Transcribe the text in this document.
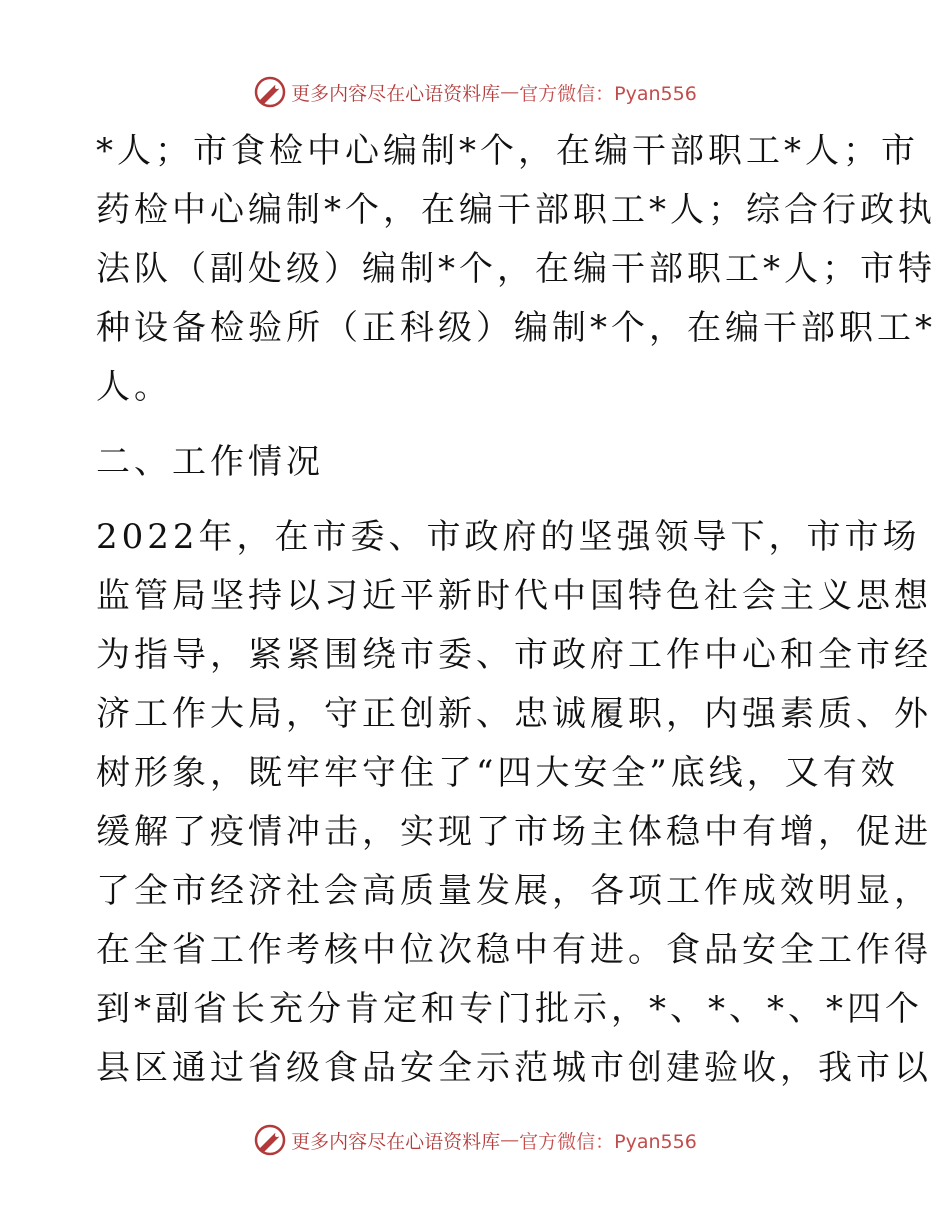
更多内容尽在心语资料库 — 官方微信：Pyan556
*人；市食检中心编制*个，在编干部职工*人；市
药检中心编制*个，在编干部职工*人；综合行政执
法队（副处级）编制*个，在编干部职工*人；市特
种设备检验所（正科级）编制*个，在编干部职工*
人。
二、工作情况
2022年，在市委、市政府的坚强领导下，市市场
监管局坚持以习近平新时代中国特色社会主义思想
为指导，紧紧围绕市委、市政府工作中心和全市经
济工作大局，守正创新、忠诚履职，内强素质、外
树形象，既牢牢守住了“四大安全”底线，又有效
缓解了疫情冲击，实现了市场主体稳中有增，促进
了全市经济社会高质量发展，各项工作成效明显，
在全省工作考核中位次稳中有进。食品安全工作得
到*副省长充分肯定和专门批示，*、*、*、*四个
县区通过省级食品安全示范城市创建验收，我市以
更多内容尽在心语资料库 — 官方微信：Pyan556
